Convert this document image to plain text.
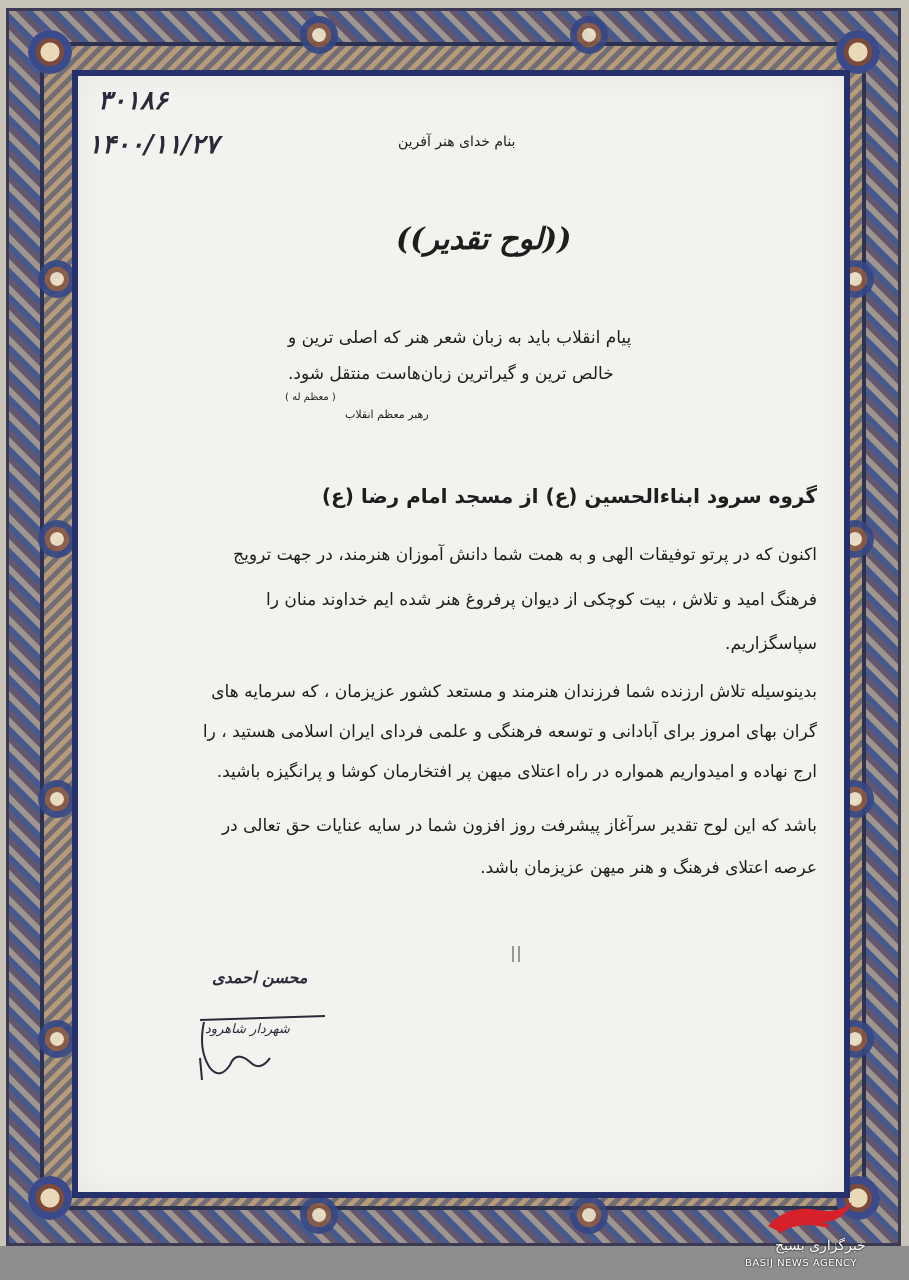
۳۰۱۸۶
۱۴۰۰/۱۱/۲۷	بنام خدای هنر آفرین
((لوح تقدیر))
پیام انقلاب باید به زبان شعر هنر که اصلی ترین و
خالص ترین و گیراترین زبان‌هاست منتقل شود.
( معظم له )
رهبر معظم انقلاب
گروه سرود ابناءالحسین (ع) از مسجد امام رضا (ع)
اکنون که در پرتو توفیقات الهی و به همت شما دانش آموزان هنرمند، در جهت ترویج
فرهنگ امید و تلاش ، بیت کوچکی از دیوان پرفروغ هنر شده ایم خداوند منان را
سپاسگزاریم.
بدینوسیله تلاش ارزنده شما فرزندان هنرمند و مستعد کشور عزیزمان ، که سرمایه های
گران بهای امروز برای آبادانی و توسعه فرهنگی و علمی فردای ایران اسلامی هستید ، را
ارج نهاده و امیدواریم همواره در راه اعتلای میهن پر افتخارمان کوشا و پرانگیزه باشید.
باشد که این لوح تقدیر سرآغاز پیشرفت روز افزون شما در سایه عنایات حق تعالی در
عرصه اعتلای فرهنگ و هنر میهن عزیزمان باشد.
محسن احمدی
شهردار شاهرود
خبرگزاری بسیج
BASIJ NEWS AGENCY
